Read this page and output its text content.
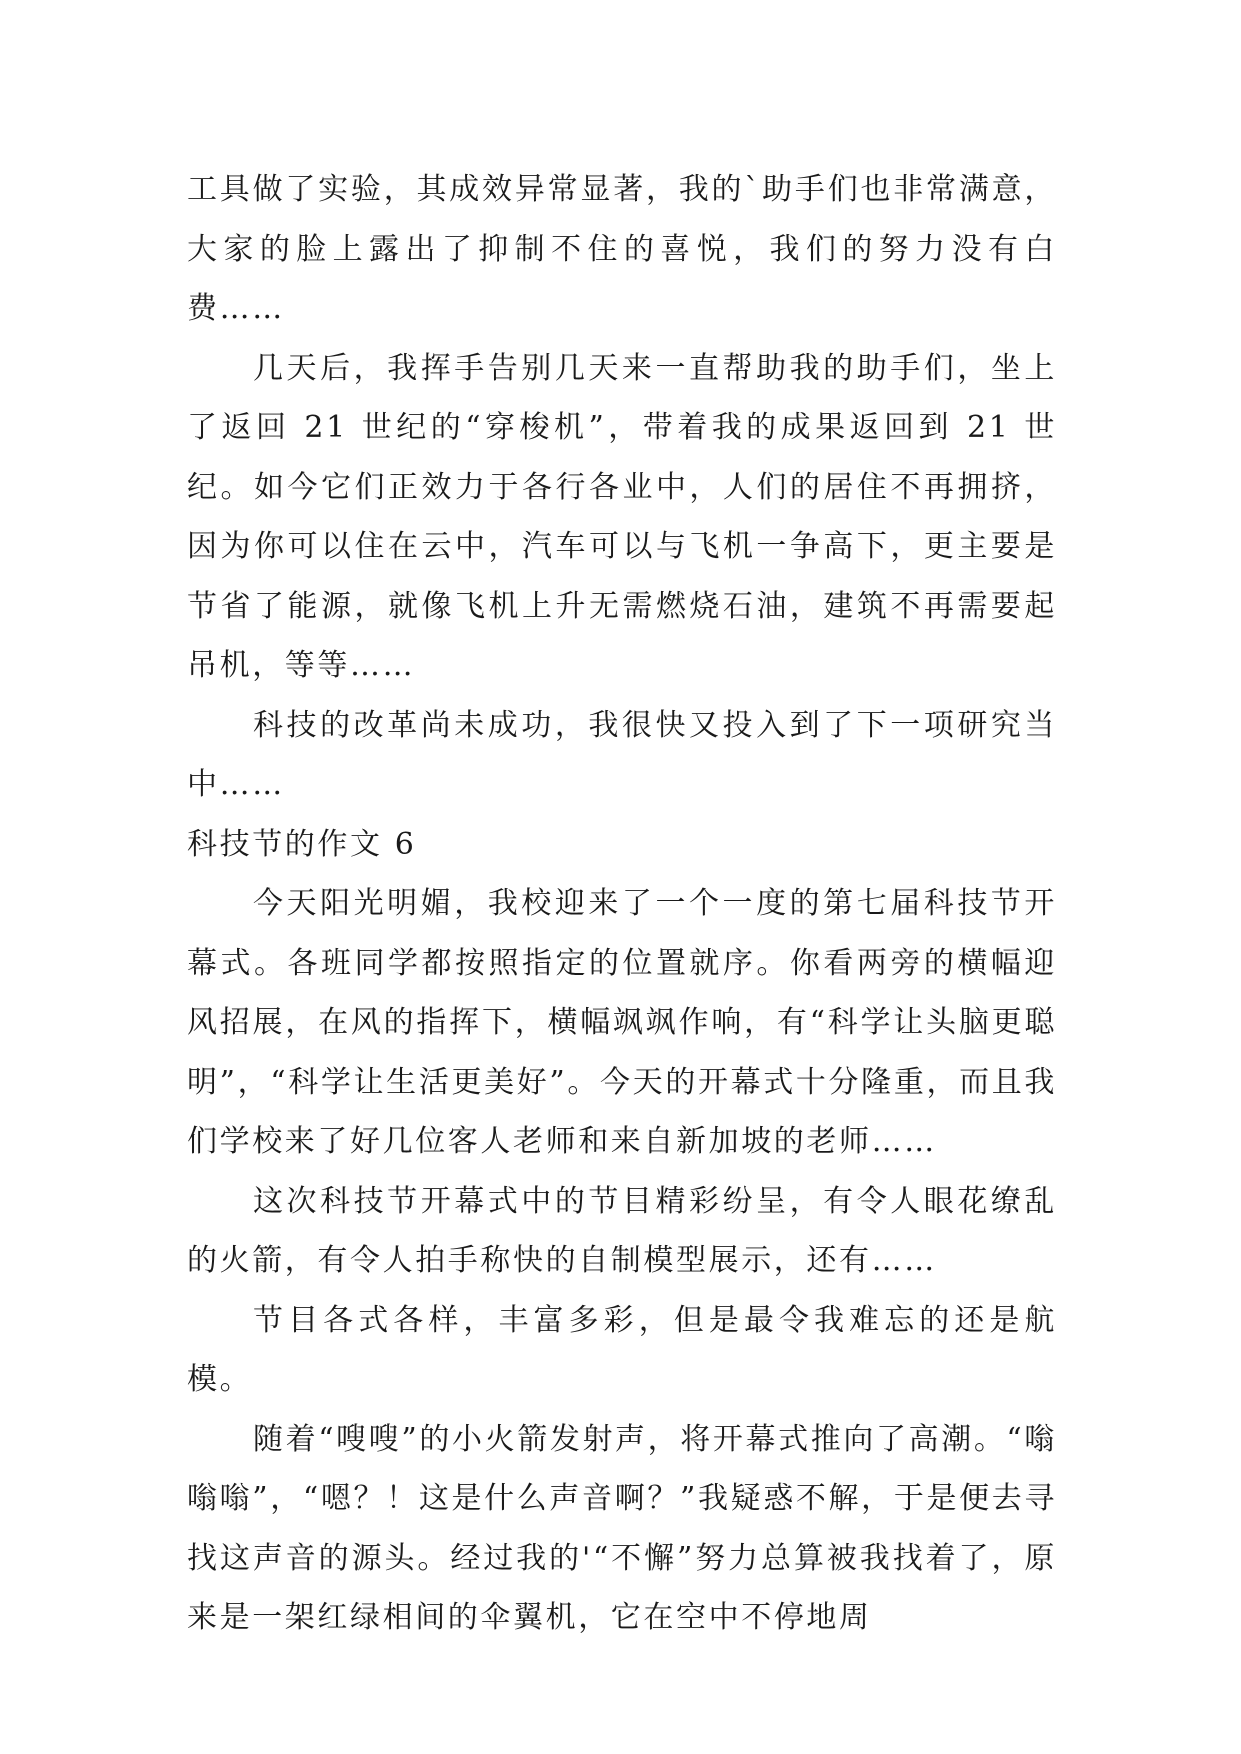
工具做了实验，其成效异常显著，我的`助手们也非常满意，大家的脸上露出了抑制不住的喜悦，我们的努力没有白费……

几天后，我挥手告别几天来一直帮助我的助手们，坐上了返回 21 世纪的“穿梭机”，带着我的成果返回到 21 世纪。如今它们正效力于各行各业中，人们的居住不再拥挤，因为你可以住在云中，汽车可以与飞机一争高下，更主要是节省了能源，就像飞机上升无需燃烧石油，建筑不再需要起吊机，等等……

科技的改革尚未成功，我很快又投入到了下一项研究当中……

科技节的作文 6

今天阳光明媚，我校迎来了一个一度的第七届科技节开幕式。各班同学都按照指定的位置就序。你看两旁的横幅迎风招展，在风的指挥下，横幅飒飒作响，有“科学让头脑更聪明”，“科学让生活更美好”。今天的开幕式十分隆重，而且我们学校来了好几位客人老师和来自新加坡的老师……

这次科技节开幕式中的节目精彩纷呈，有令人眼花缭乱的火箭，有令人拍手称快的自制模型展示，还有……

节目各式各样，丰富多彩，但是最令我难忘的还是航模。

随着“嗖嗖”的小火箭发射声，将开幕式推向了高潮。“嗡嗡嗡”，“嗯？！这是什么声音啊？”我疑惑不解，于是便去寻找这声音的源头。经过我的'“不懈”努力总算被我找着了，原来是一架红绿相间的伞翼机，它在空中不停地周
